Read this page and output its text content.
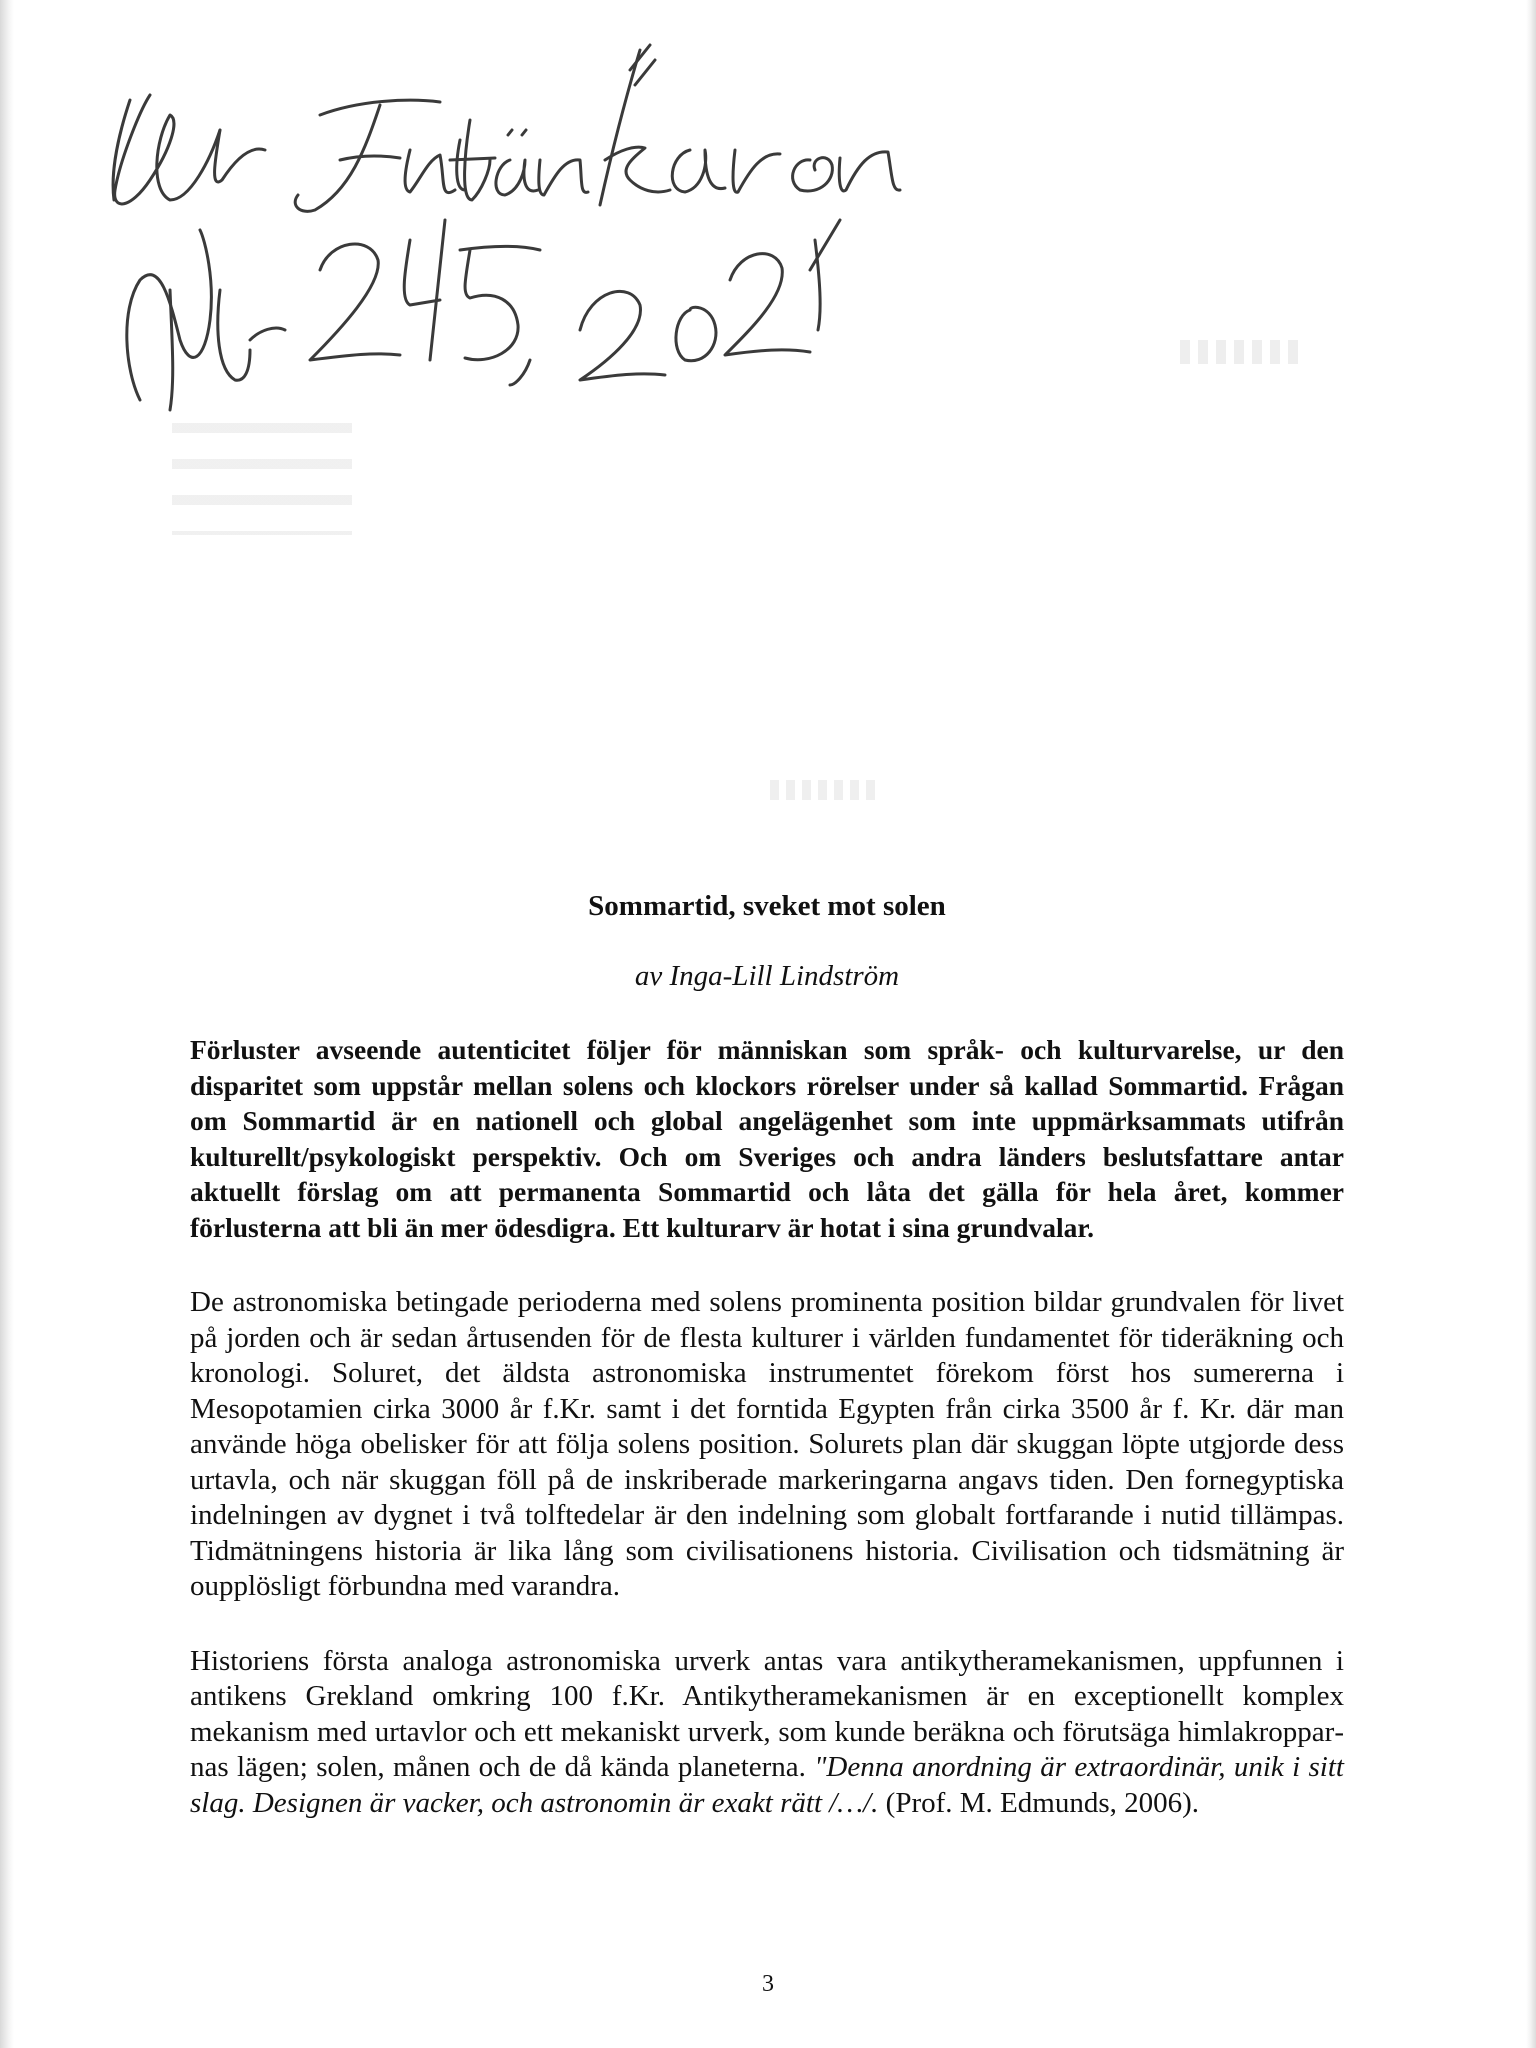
Sommartid, sveket mot solen
av Inga-Lill Lindström

Förluster avseende autenticitet följer för människan som språk- och kulturvarelse, ur den disparitet som uppstår mellan solens och klockors rörelser under så kallad Sommartid. Frågan om Sommartid är en nationell och global angelägenhet som inte uppmärksammats utifrån kulturellt/psykologiskt perspektiv. Och om Sveriges och andra länders beslutsfattare antar aktuellt förslag om att permanenta Sommartid och låta det gälla för hela året, kommer förlusterna att bli än mer ödesdigra. Ett kulturarv är hotat i sina grundvalar.

De astronomiska betingade perioderna med solens prominenta position bildar grundvalen för livet på jorden och är sedan årtusenden för de flesta kulturer i världen fundamentet för tideräkning och kronologi. Soluret, det äldsta astronomiska instrumentet förekom först hos sumererna i Mesopotamien cirka 3000 år f.Kr. samt i det forntida Egypten från cirka 3500 år f. Kr. där man använde höga obelisker för att följa solens position. Solurets plan där skuggan löpte utgjorde dess urtavla, och när skuggan föll på de inskriberade markeringarna angavs tiden. Den fornegyptiska indelningen av dygnet i två tolftedelar är den indelning som globalt fortfarande i nutid tillämpas. Tidmätningens historia är lika lång som civilisationens historia. Civilisation och tidsmätning är oupplösligt förbundna med varandra.

Historiens första analoga astronomiska urverk antas vara antikytheramekanismen, uppfunnen i antikens Grekland omkring 100 f.Kr. Antikytheramekanismen är en exceptionellt komplex mekanism med urtavlor och ett mekaniskt urverk, som kunde beräkna och förutsäga himlakropparnas lägen; solen, månen och de då kända planeterna. "Denna anordning är extraordinär, unik i sitt slag. Designen är vacker, och astronomin är exakt rätt /…/. (Prof. M. Edmunds, 2006).

3
